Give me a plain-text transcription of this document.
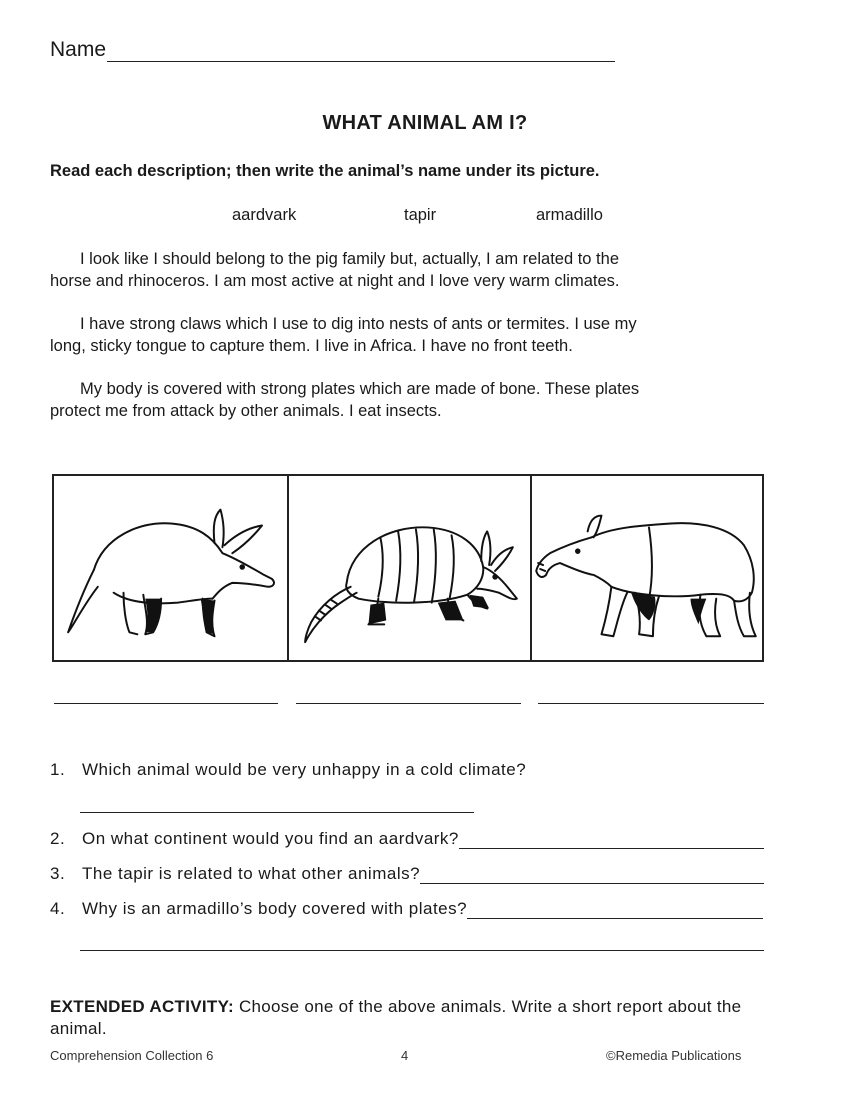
Name
WHAT ANIMAL AM I?
Read each description; then write the animal’s name under its picture.
aardvark	tapir	armadillo
I look like I should belong to the pig family but, actually, I am related to the
horse and rhinoceros. I am most active at night and I love very warm climates.
I have strong claws which I use to dig into nests of ants or termites. I use my
long, sticky tongue to capture them. I live in Africa. I have no front teeth.
My body is covered with strong plates which are made of bone. These plates
protect me from attack by other animals. I eat insects.
1. Which animal would be very unhappy in a cold climate?
2. On what continent would you find an aardvark?
3. The tapir is related to what other animals?
4. Why is an armadillo’s body covered with plates?
EXTENDED ACTIVITY: Choose one of the above animals. Write a short report about the animal.
Comprehension Collection 6	4	©Remedia Publications
